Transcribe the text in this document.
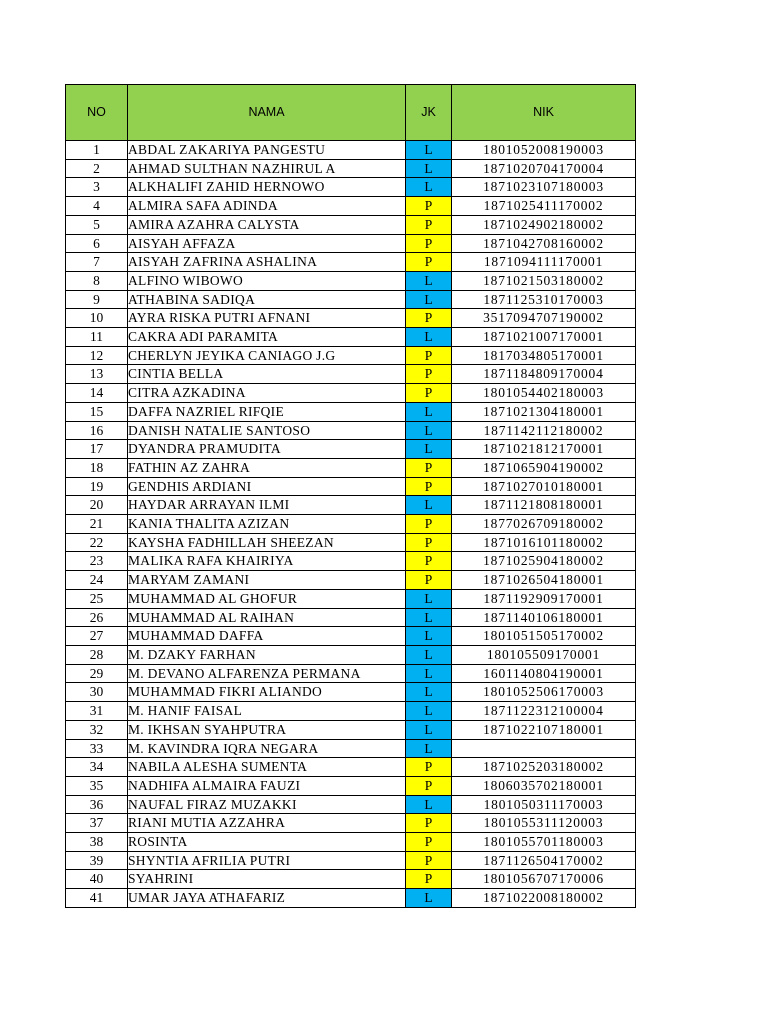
NO	NAMA	JK	NIK
1	ABDAL ZAKARIYA PANGESTU	L	1801052008190003
2	AHMAD SULTHAN NAZHIRUL A	L	1871020704170004
3	ALKHALIFI ZAHID HERNOWO	L	1871023107180003
4	ALMIRA SAFA ADINDA	P	1871025411170002
5	AMIRA AZAHRA CALYSTA	P	1871024902180002
6	AISYAH AFFAZA	P	1871042708160002
7	AISYAH ZAFRINA ASHALINA	P	1871094111170001
8	ALFINO WIBOWO	L	1871021503180002
9	ATHABINA SADIQA	L	1871125310170003
10	AYRA RISKA PUTRI AFNANI	P	3517094707190002
11	CAKRA ADI PARAMITA	L	1871021007170001
12	CHERLYN JEYIKA CANIAGO J.G	P	1817034805170001
13	CINTIA BELLA	P	1871184809170004
14	CITRA AZKADINA	P	1801054402180003
15	DAFFA NAZRIEL RIFQIE	L	1871021304180001
16	DANISH NATALIE SANTOSO	L	1871142112180002
17	DYANDRA PRAMUDITA	L	1871021812170001
18	FATHIN AZ ZAHRA	P	1871065904190002
19	GENDHIS ARDIANI	P	1871027010180001
20	HAYDAR ARRAYAN ILMI	L	1871121808180001
21	KANIA THALITA AZIZAN	P	1877026709180002
22	KAYSHA FADHILLAH SHEEZAN	P	1871016101180002
23	MALIKA RAFA KHAIRIYA	P	1871025904180002
24	MARYAM ZAMANI	P	1871026504180001
25	MUHAMMAD AL GHOFUR	L	1871192909170001
26	MUHAMMAD AL RAIHAN	L	1871140106180001
27	MUHAMMAD DAFFA	L	1801051505170002
28	M. DZAKY FARHAN	L	180105509170001
29	M. DEVANO ALFARENZA PERMANA	L	1601140804190001
30	MUHAMMAD FIKRI ALIANDO	L	1801052506170003
31	M. HANIF FAISAL	L	1871122312100004
32	M. IKHSAN SYAHPUTRA	L	1871022107180001
33	M. KAVINDRA IQRA NEGARA	L	
34	NABILA ALESHA SUMENTA	P	1871025203180002
35	NADHIFA ALMAIRA FAUZI	P	1806035702180001
36	NAUFAL FIRAZ MUZAKKI	L	1801050311170003
37	RIANI MUTIA AZZAHRA	P	1801055311120003
38	ROSINTA	P	1801055701180003
39	SHYNTIA AFRILIA PUTRI	P	1871126504170002
40	SYAHRINI	P	1801056707170006
41	UMAR JAYA ATHAFARIZ	L	1871022008180002
